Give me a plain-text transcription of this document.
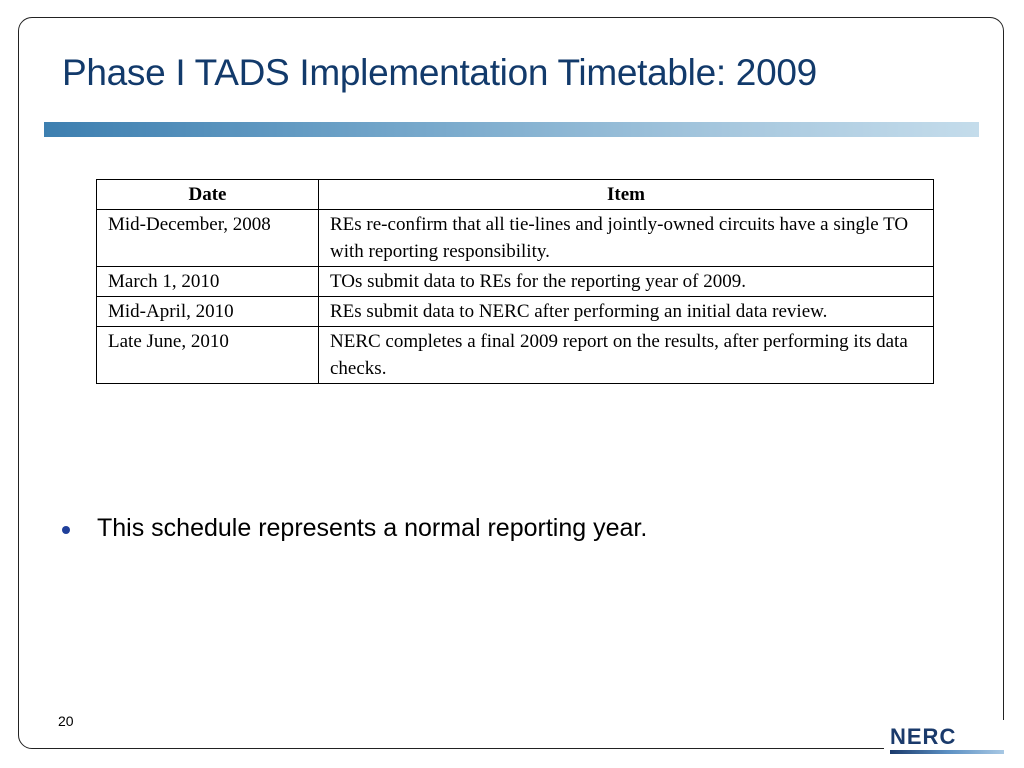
Phase I TADS Implementation Timetable: 2009
Date	Item
Mid-December, 2008	REs re-confirm that all tie-lines and jointly-owned circuits have a single TO with reporting responsibility.
March 1, 2010	TOs submit data to REs for the reporting year of 2009.
Mid-April, 2010	REs submit data to NERC after performing an initial data review.
Late June, 2010	NERC completes a final 2009 report on the results, after performing its data checks.
This schedule represents a normal reporting year.
20
NERC
